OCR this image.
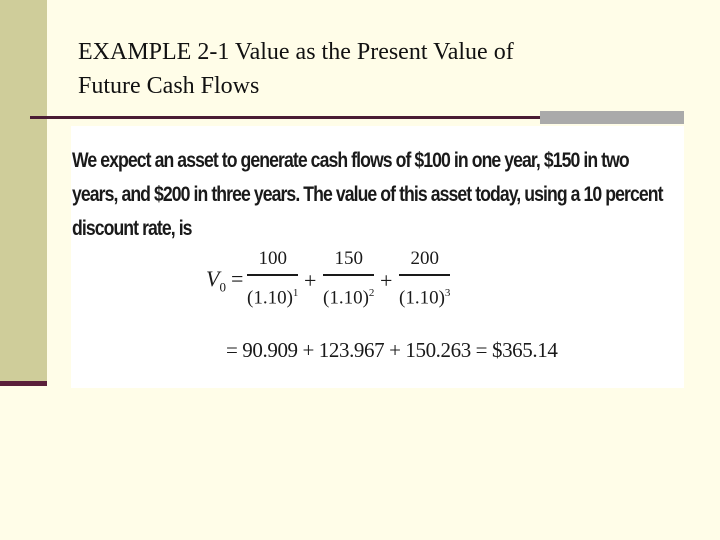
EXAMPLE 2-1 Value as the Present Value of
Future Cash Flows
We expect an asset to generate cash flows of $100 in one year, $150 in two years, and $200 in three years. The value of this asset today, using a 10 percent discount rate, is
$V_0 = \frac{100}{(1.10)^1} + \frac{150}{(1.10)^2} + \frac{200}{(1.10)^3}$
= 90.909 + 123.967 + 150.263 = $365.14
